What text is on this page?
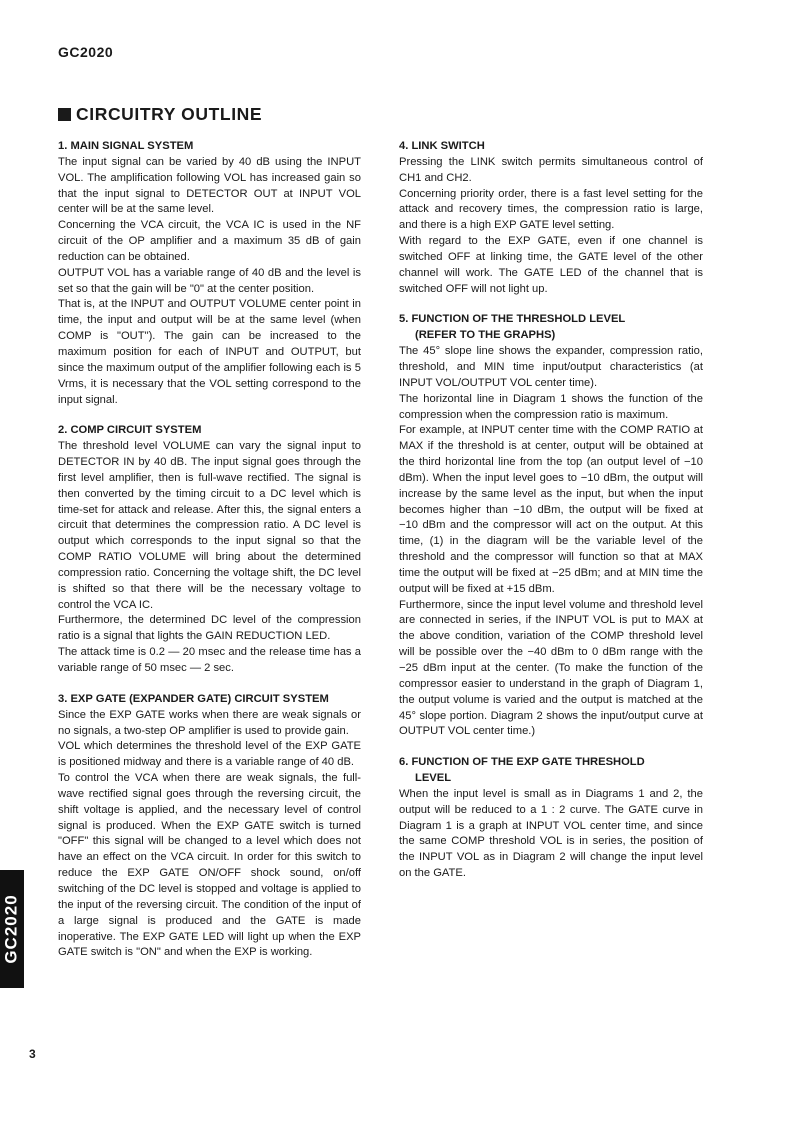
GC2020
CIRCUITRY OUTLINE

1. MAIN SIGNAL SYSTEM

The input signal can be varied by 40 dB using the INPUT VOL. The amplification following VOL has increased gain so that the input signal to DETECTOR OUT at INPUT VOL center will be at the same level.

Concerning the VCA circuit, the VCA IC is used in the NF circuit of the OP amplifier and a maximum 35 dB of gain reduction can be obtained.

OUTPUT VOL has a variable range of 40 dB and the level is set so that the gain will be "0" at the center position.

That is, at the INPUT and OUTPUT VOLUME center point in time, the input and output will be at the same level (when COMP is "OUT"). The gain can be increased to the maximum position for each of INPUT and OUTPUT, but since the maximum output of the amplifier following each is 5 Vrms, it is necessary that the VOL setting correspond to the input signal.

2. COMP CIRCUIT SYSTEM

The threshold level VOLUME can vary the signal input to DETECTOR IN by 40 dB. The input signal goes through the first level amplifier, then is full-wave rectified. The signal is then converted by the timing circuit to a DC level which is time-set for attack and release. After this, the signal enters a circuit that determines the compression ratio. A DC level is output which corresponds to the input signal so that the COMP RATIO VOLUME will bring about the determined compression ratio. Concerning the voltage shift, the DC level is shifted so that there will be the necessary voltage to control the VCA IC.

Furthermore, the determined DC level of the compression ratio is a signal that lights the GAIN REDUCTION LED.

The attack time is 0.2 — 20 msec and the release time has a variable range of 50 msec — 2 sec.

3. EXP GATE (EXPANDER GATE) CIRCUIT SYSTEM

Since the EXP GATE works when there are weak signals or no signals, a two-step OP amplifier is used to provide gain.

VOL which determines the threshold level of the EXP GATE is positioned midway and there is a variable range of 40 dB.

To control the VCA when there are weak signals, the full-wave rectified signal goes through the reversing circuit, the shift voltage is applied, and the necessary level of control signal is produced. When the EXP GATE switch is turned "OFF" this signal will be changed to a level which does not have an effect on the VCA circuit. In order for this switch to reduce the EXP GATE ON/OFF shock sound, on/off switching of the DC level is stopped and voltage is applied to the input of the reversing circuit. The condition of the input of a large signal is produced and the GATE is made inoperative. The EXP GATE LED will light up when the EXP GATE switch is "ON" and when the EXP is working.

4. LINK SWITCH

Pressing the LINK switch permits simultaneous control of CH1 and CH2.

Concerning priority order, there is a fast level setting for the attack and recovery times, the compression ratio is large, and there is a high EXP GATE level setting.

With regard to the EXP GATE, even if one channel is switched OFF at linking time, the GATE level of the other channel will work. The GATE LED of the channel that is switched OFF will not light up.

5. FUNCTION OF THE THRESHOLD LEVEL
(REFER TO THE GRAPHS)

The 45° slope line shows the expander, compression ratio, threshold, and MIN time input/output characteristics (at INPUT VOL/OUTPUT VOL center time).

The horizontal line in Diagram 1 shows the function of the compression when the compression ratio is maximum.

For example, at INPUT center time with the COMP RATIO at MAX if the threshold is at center, output will be obtained at the third horizontal line from the top (an output level of −10 dBm). When the input level goes to −10 dBm, the output will increase by the same level as the input, but when the input becomes higher than −10 dBm, the output will be fixed at −10 dBm and the compressor will act on the output. At this time, (1) in the diagram will be the variable level of the threshold and the compressor will function so that at MAX time the output will be fixed at −25 dBm; and at MIN time the output will be fixed at +15 dBm.

Furthermore, since the input level volume and threshold level are connected in series, if the INPUT VOL is put to MAX at the above condition, variation of the COMP threshold level will be possible over the −40 dBm to 0 dBm range with the −25 dBm input at the center. (To make the function of the compressor easier to understand in the graph of Diagram 1, the output volume is varied and the output is matched at the 45° slope portion. Diagram 2 shows the input/output curve at OUTPUT VOL center time.)

6. FUNCTION OF THE EXP GATE THRESHOLD
LEVEL

When the input level is small as in Diagrams 1 and 2, the output will be reduced to a 1 : 2 curve. The GATE curve in Diagram 1 is a graph at INPUT VOL center time, and since the same COMP threshold VOL is in series, the position of the INPUT VOL as in Diagram 2 will change the input level on the GATE.

GC2020
3
